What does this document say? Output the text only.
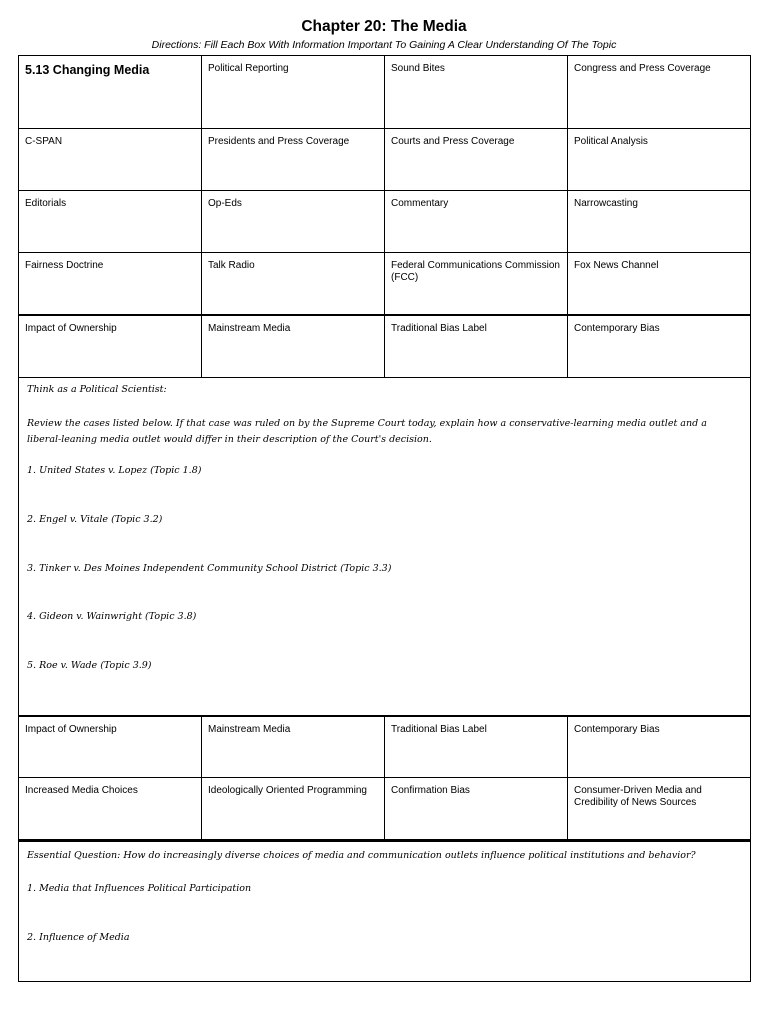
Chapter 20: The Media
Directions: Fill Each Box With Information Important To Gaining A Clear Understanding Of The Topic
5.13 Changing Media	Political Reporting	Sound Bites	Congress and Press Coverage
C-SPAN	Presidents and Press Coverage	Courts and Press Coverage	Political Analysis
Editorials	Op-Eds	Commentary	Narrowcasting
Fairness Doctrine	Talk Radio	Federal Communications Commission (FCC)	Fox News Channel
Impact of Ownership	Mainstream Media	Traditional Bias Label	Contemporary Bias
Think as a Political Scientist:
Review the cases listed below. If that case was ruled on by the Supreme Court today, explain how a conservative-learning media outlet and a liberal-leaning media outlet would differ in their description of the Court's decision.
1. United States v. Lopez (Topic 1.8)
2. Engel v. Vitale (Topic 3.2)
3. Tinker v. Des Moines Independent Community School District (Topic 3.3)
4. Gideon v. Wainwright (Topic 3.8)
5. Roe v. Wade (Topic 3.9)
Impact of Ownership	Mainstream Media	Traditional Bias Label	Contemporary Bias
Increased Media Choices	Ideologically Oriented Programming	Confirmation Bias	Consumer-Driven Media and Credibility of News Sources
Essential Question: How do increasingly diverse choices of media and communication outlets influence political institutions and behavior?
1. Media that Influences Political Participation
2. Influence of Media
